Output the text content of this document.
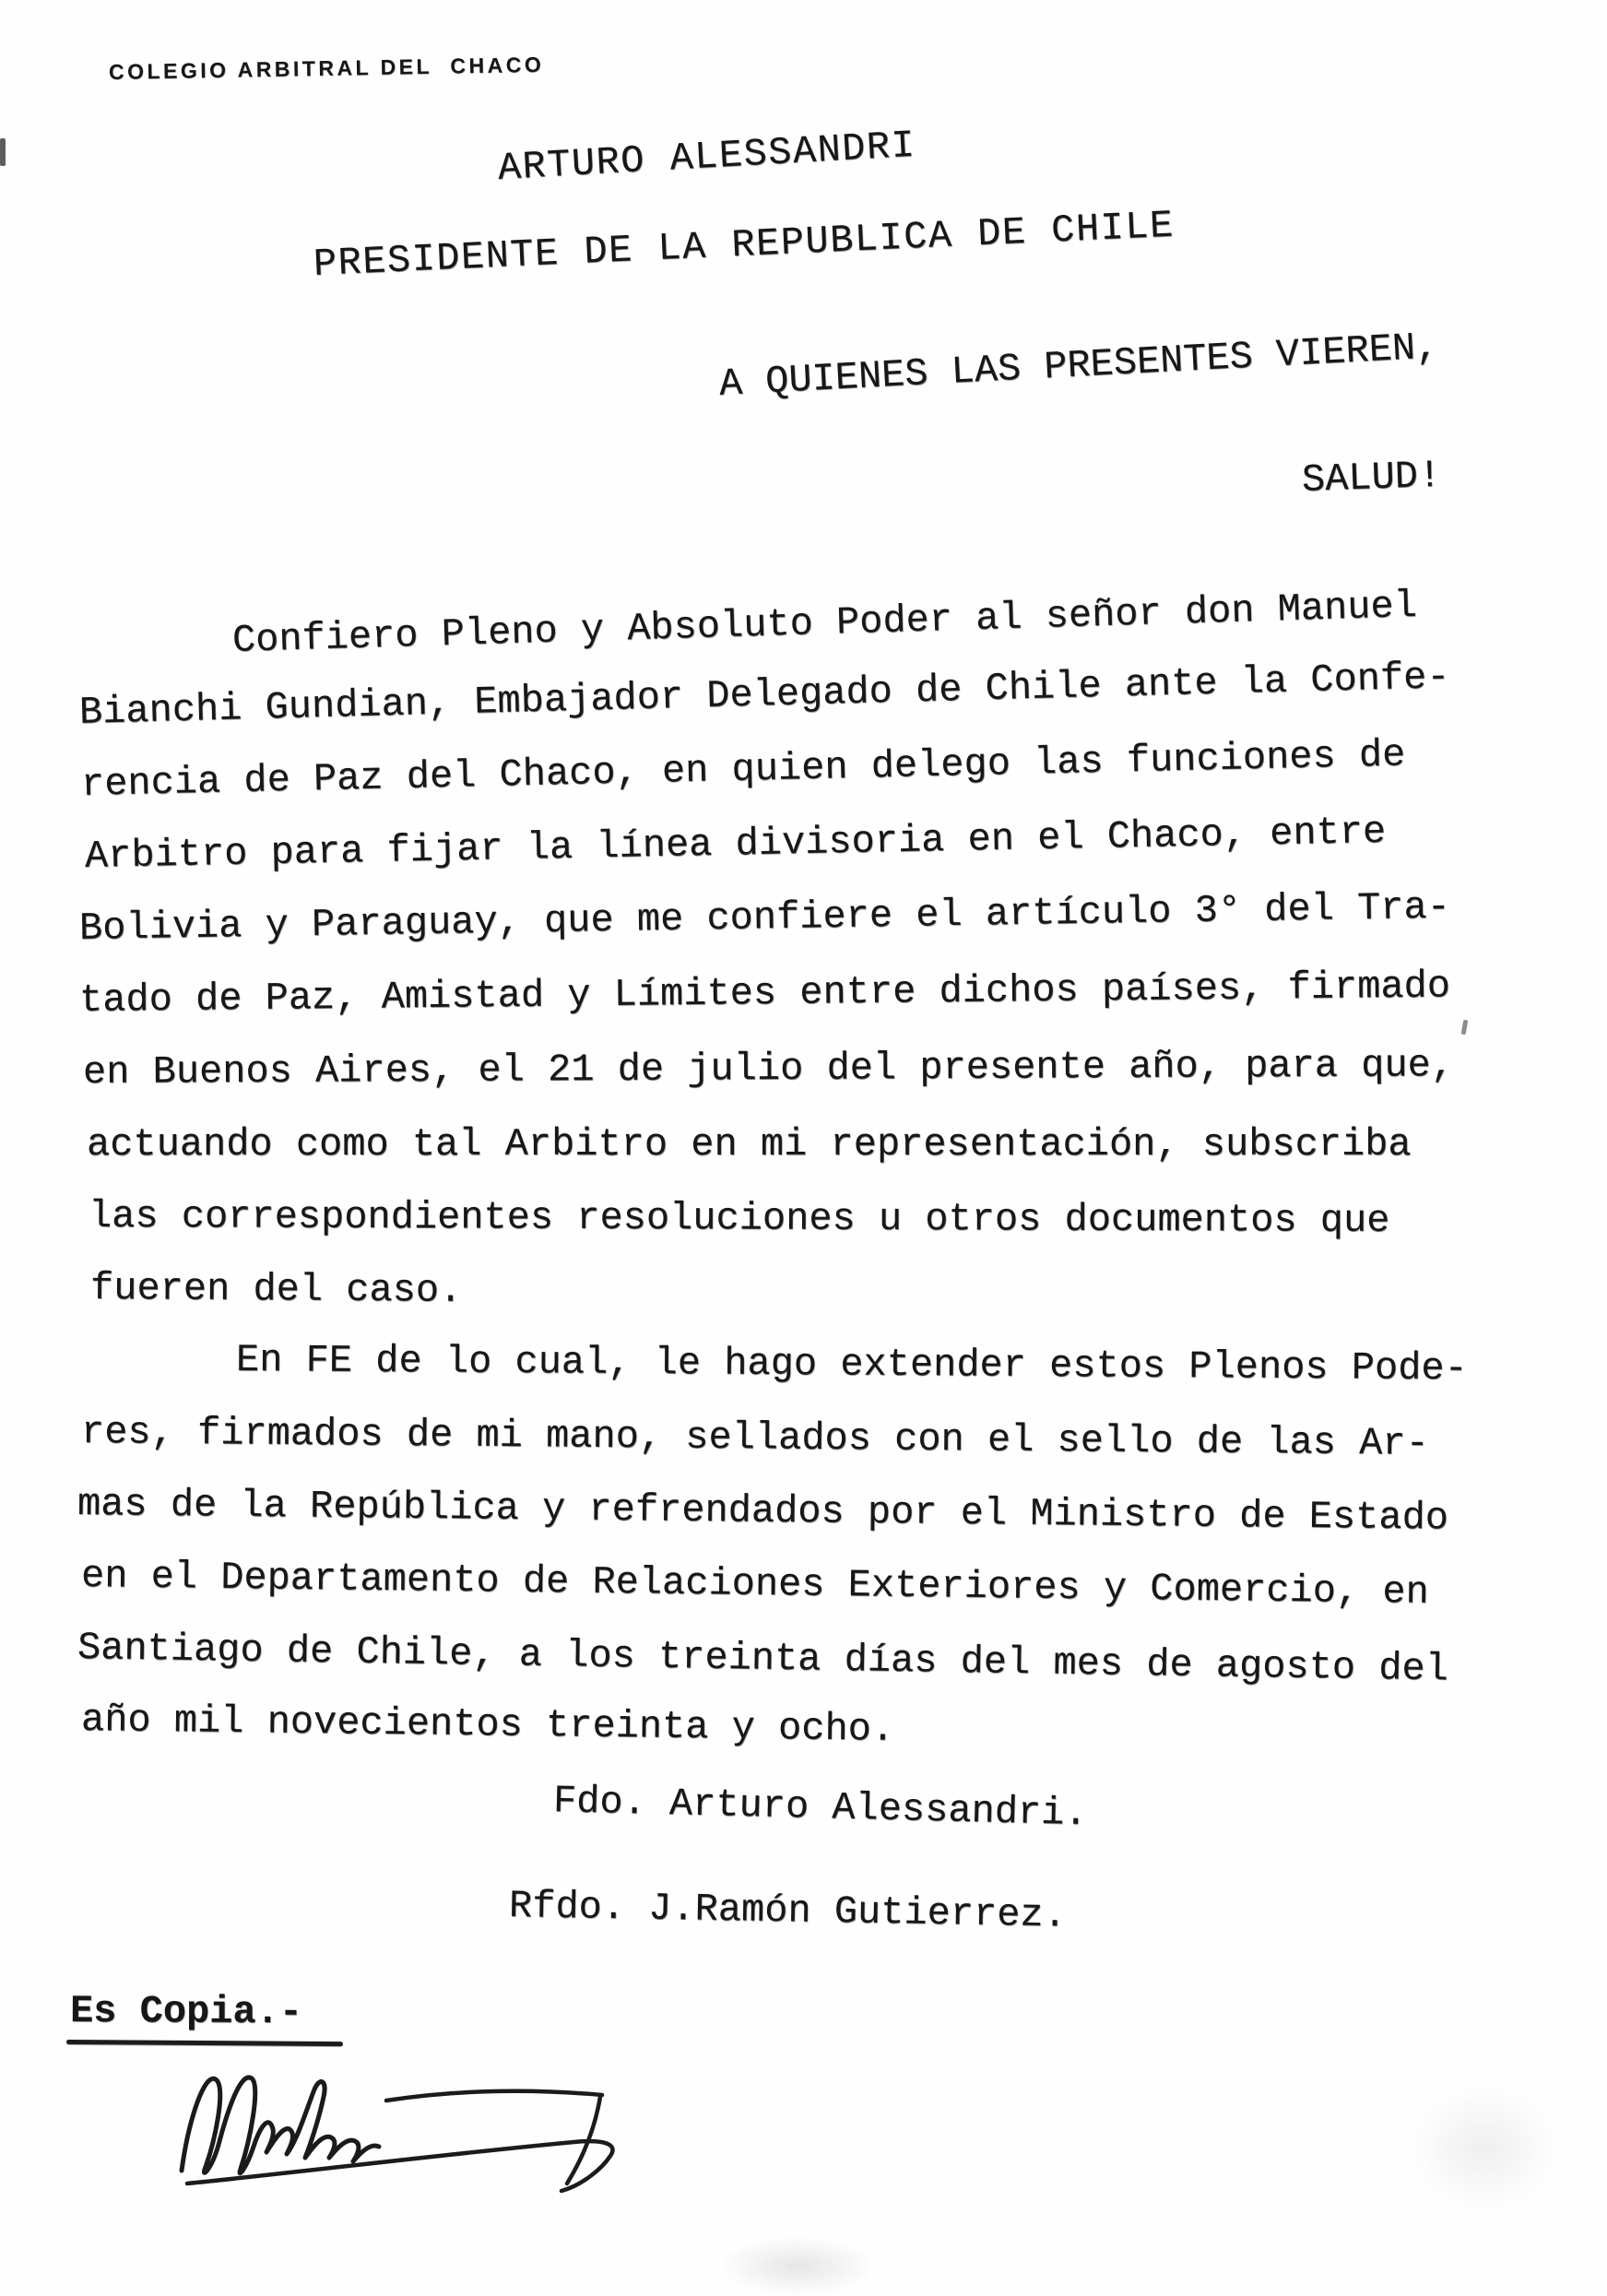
COLEGIO ARBITRAL DEL  CHACO
ARTURO ALESSANDRI
PRESIDENTE DE LA REPUBLICA DE CHILE
A QUIENES LAS PRESENTES VIEREN,
SALUD!
Confiero Pleno y Absoluto Poder al señor don Manuel
Bianchi Gundian, Embajador Delegado de Chile ante la Confe-
rencia de Paz del Chaco, en quien delego las funciones de
Arbitro para fijar la línea divisoria en el Chaco, entre
Bolivia y Paraguay, que me confiere el artículo 3° del Tra-
tado de Paz, Amistad y Límites entre dichos países, firmado
en Buenos Aires, el 21 de julio del presente año, para que,
actuando como tal Arbitro en mi representación, subscriba
las correspondientes resoluciones u otros documentos que
fueren del caso.
En FE de lo cual, le hago extender estos Plenos Pode-
res, firmados de mi mano, sellados con el sello de las Ar-
mas de la República y refrendados por el Ministro de Estado
en el Departamento de Relaciones Exteriores y Comercio, en
Santiago de Chile, a los treinta días del mes de agosto del
año mil novecientos treinta y ocho.
Fdo. Arturo Alessandri.
Rfdo. J.Ramón Gutierrez.
Es Copia.-
